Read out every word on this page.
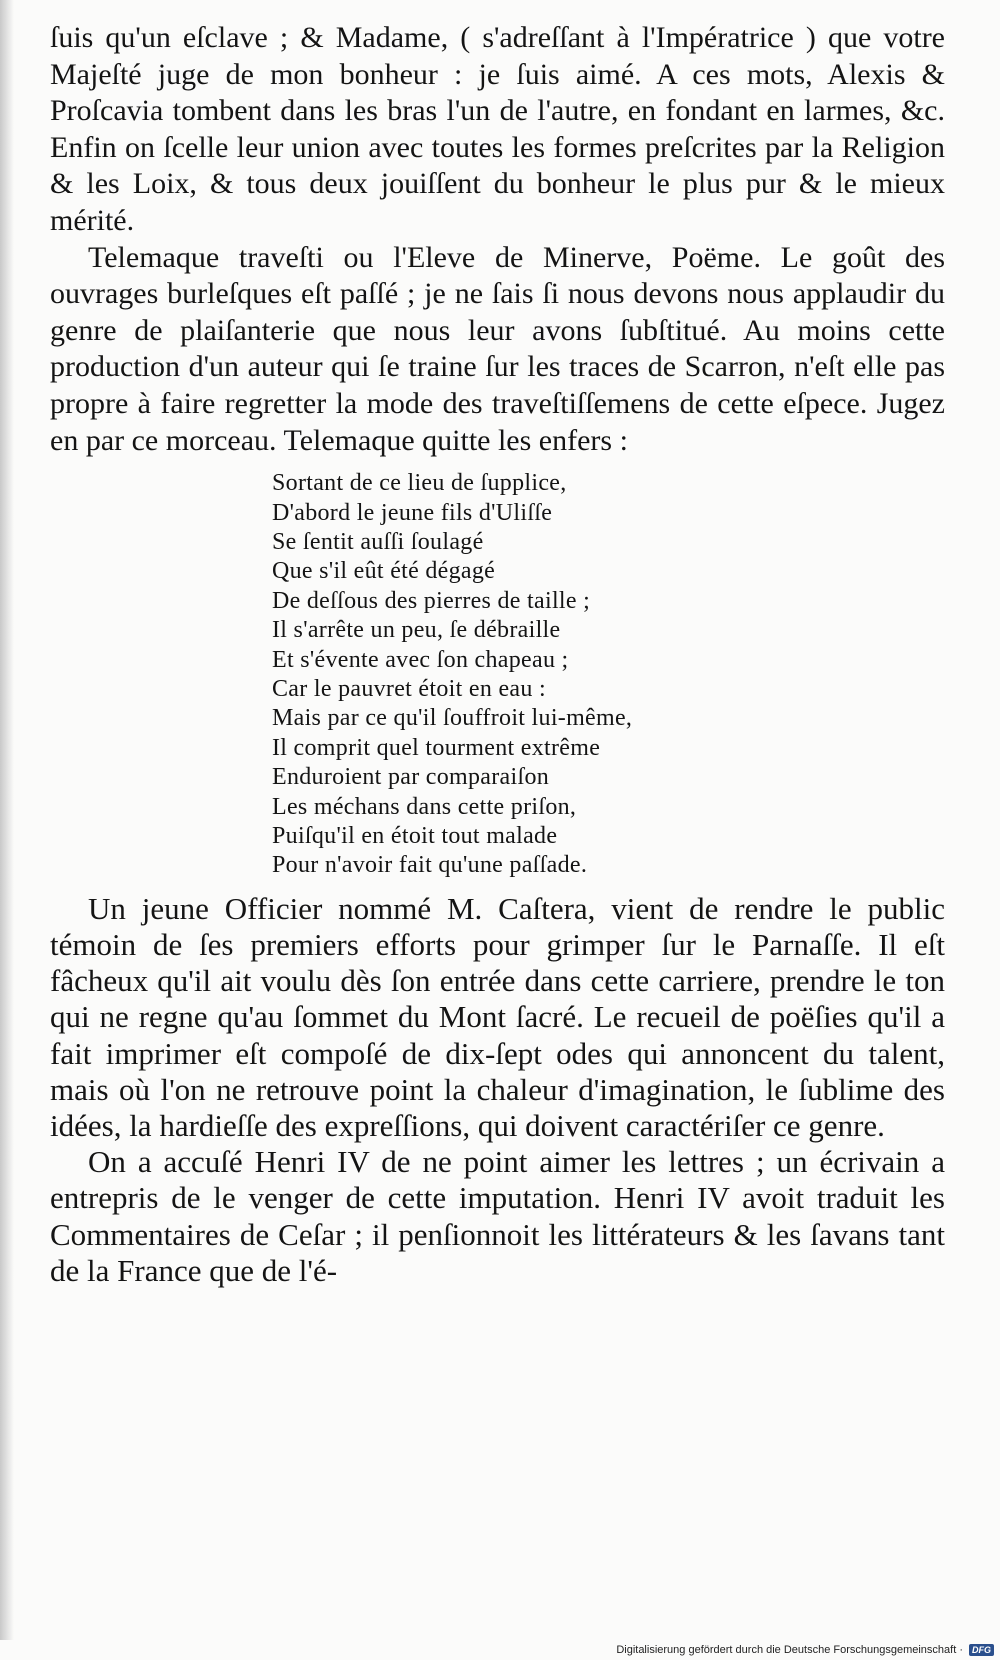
ſuis qu'un eſclave ; & Madame, ( s'adreſſant à l'Impératrice ) que votre Majeſté juge de mon bonheur : je ſuis aimé. A ces mots, Alexis & Proſcavia tombent dans les bras l'un de l'autre, en fondant en larmes, &c. Enfin on ſcelle leur union avec toutes les formes preſcrites par la Religion & les Loix, & tous deux jouiſſent du bonheur le plus pur & le mieux mérité.

Telemaque traveſti ou l'Eleve de Minerve, Poëme. Le goût des ouvrages burleſques eſt paſſé ; je ne ſais ſi nous devons nous applaudir du genre de plaiſanterie que nous leur avons ſubſtitué. Au moins cette production d'un auteur qui ſe traine ſur les traces de Scarron, n'eſt elle pas propre à faire regretter la mode des traveſtiſſemens de cette eſpece. Jugez en par ce morceau. Telemaque quitte les enfers :

Sortant de ce lieu de ſupplice,
D'abord le jeune fils d'Uliſſe
Se ſentit auſſi ſoulagé
Que s'il eût été dégagé
De deſſous des pierres de taille ;
Il s'arrête un peu, ſe débraille
Et s'évente avec ſon chapeau ;
Car le pauvret étoit en eau :
Mais par ce qu'il ſouffroit lui-même,
Il comprit quel tourment extrême
Enduroient par comparaiſon
Les méchans dans cette priſon,
Puiſqu'il en étoit tout malade
Pour n'avoir fait qu'une paſſade.

Un jeune Officier nommé M. Caſtera, vient de rendre le public témoin de ſes premiers efforts pour grimper ſur le Parnaſſe. Il eſt fâcheux qu'il ait voulu dès ſon entrée dans cette carriere, prendre le ton qui ne regne qu'au ſommet du Mont ſacré. Le recueil de poëſies qu'il a fait imprimer eſt compoſé de dix-ſept odes qui annoncent du talent, mais où l'on ne retrouve point la chaleur d'imagination, le ſublime des idées, la hardieſſe des expreſſions, qui doivent caractériſer ce genre.

On a accuſé Henri IV de ne point aimer les lettres ; un écrivain a entrepris de le venger de cette imputation. Henri IV avoit traduit les Commentaires de Ceſar ; il penſionnoit les littérateurs & les ſavans tant de la France que de l'é-

Digitalisierung gefördert durch die Deutsche Forschungsgemeinschaft ·	DFG
